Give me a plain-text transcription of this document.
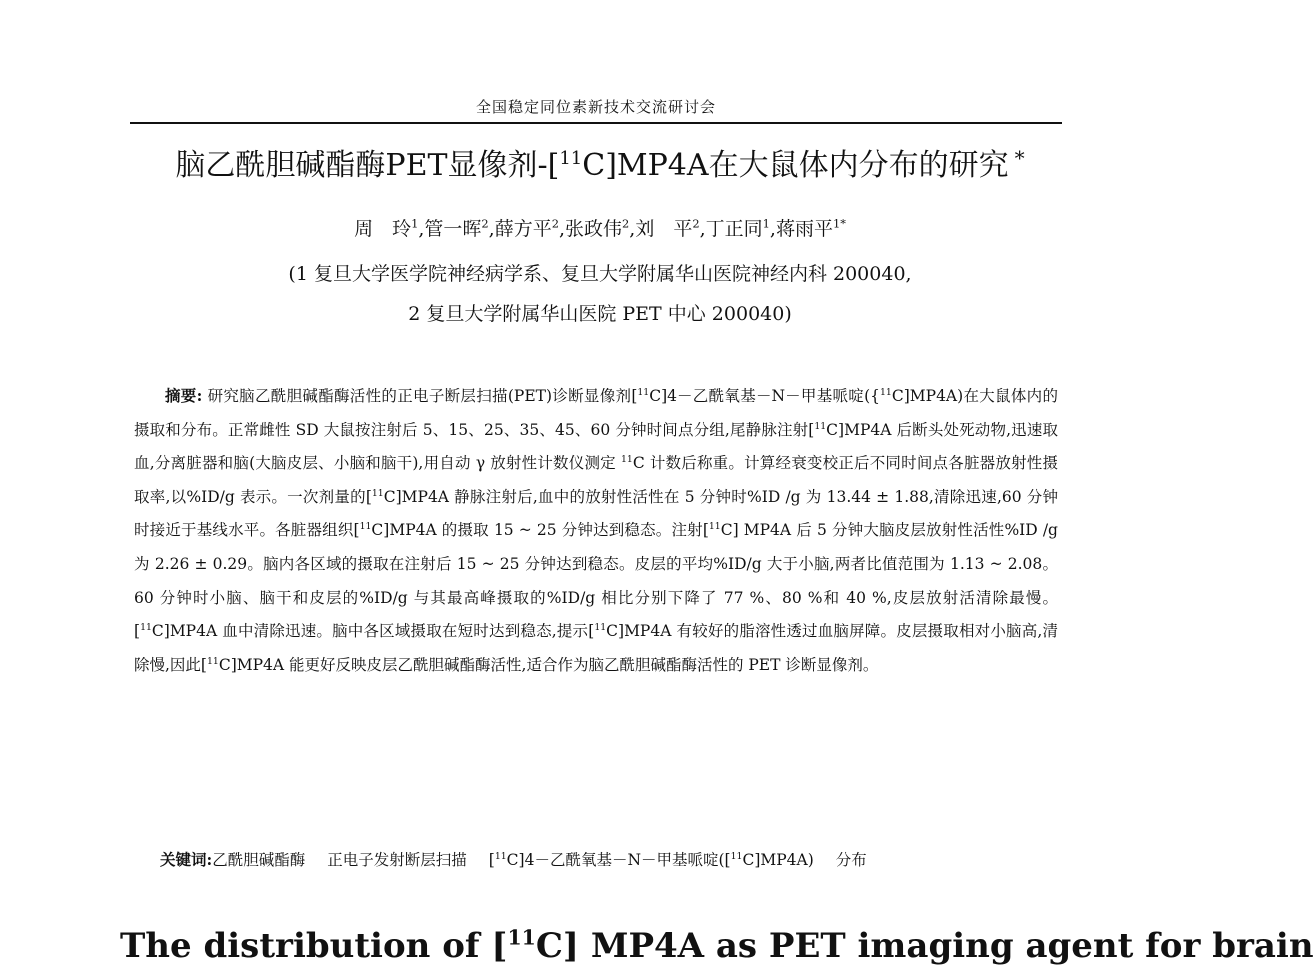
全国稳定同位素新技术交流研讨会
脑乙酰胆碱酯酶PET显像剂-[$^{11}$C]MP4A在大鼠体内分布的研究 *
周　玲$^1$,管一晖$^2$,薛方平$^2$,张政伟$^2$,刘　平$^2$,丁正同$^1$,蒋雨平$^{1*}$
(1 复旦大学医学院神经病学系、复旦大学附属华山医院神经内科 200040,
2 复旦大学附属华山医院 PET 中心 200040)
摘要: 研究脑乙酰胆碱酯酶活性的正电子断层扫描(PET)诊断显像剂[$^{11}$C]4－乙酰氧基－N－甲基哌啶({$^{11}$C]MP4A)在大鼠体内的摄取和分布。正常雌性 SD 大鼠按注射后 5、15、25、35、45、60 分钟时间点分组,尾静脉注射[$^{11}$C]MP4A 后断头处死动物,迅速取血,分离脏器和脑(大脑皮层、小脑和脑干),用自动 γ 放射性计数仪测定 $^{11}$C 计数后称重。计算经衰变校正后不同时间点各脏器放射性摄取率,以%ID/g 表示。一次剂量的[$^{11}$C]MP4A 静脉注射后,血中的放射性活性在 5 分钟时%ID /g 为 13.44 ± 1.88,清除迅速,60 分钟时接近于基线水平。各脏器组织[$^{11}$C]MP4A 的摄取 15 ~ 25 分钟达到稳态。注射[$^{11}$C] MP4A 后 5 分钟大脑皮层放射性活性%ID /g 为 2.26 ± 0.29。脑内各区域的摄取在注射后 15 ~ 25 分钟达到稳态。皮层的平均%ID/g 大于小脑,两者比值范围为 1.13 ~ 2.08。60 分钟时小脑、脑干和皮层的%ID/g 与其最高峰摄取的%ID/g 相比分别下降了 77 %、80 %和 40 %,皮层放射活清除最慢。[$^{11}$C]MP4A 血中清除迅速。脑中各区域摄取在短时达到稳态,提示[$^{11}$C]MP4A 有较好的脂溶性透过血脑屏障。皮层摄取相对小脑高,清除慢,因此[$^{11}$C]MP4A 能更好反映皮层乙酰胆碱酯酶活性,适合作为脑乙酰胆碱酯酶活性的 PET 诊断显像剂。
关键词:乙酰胆碱酯酶 正电子发射断层扫描 [$^{11}$C]4－乙酰氧基－N－甲基哌啶([$^{11}$C]MP4A) 分布
The distribution of [$^{11}$C] MP4A as PET imaging agent for brain
